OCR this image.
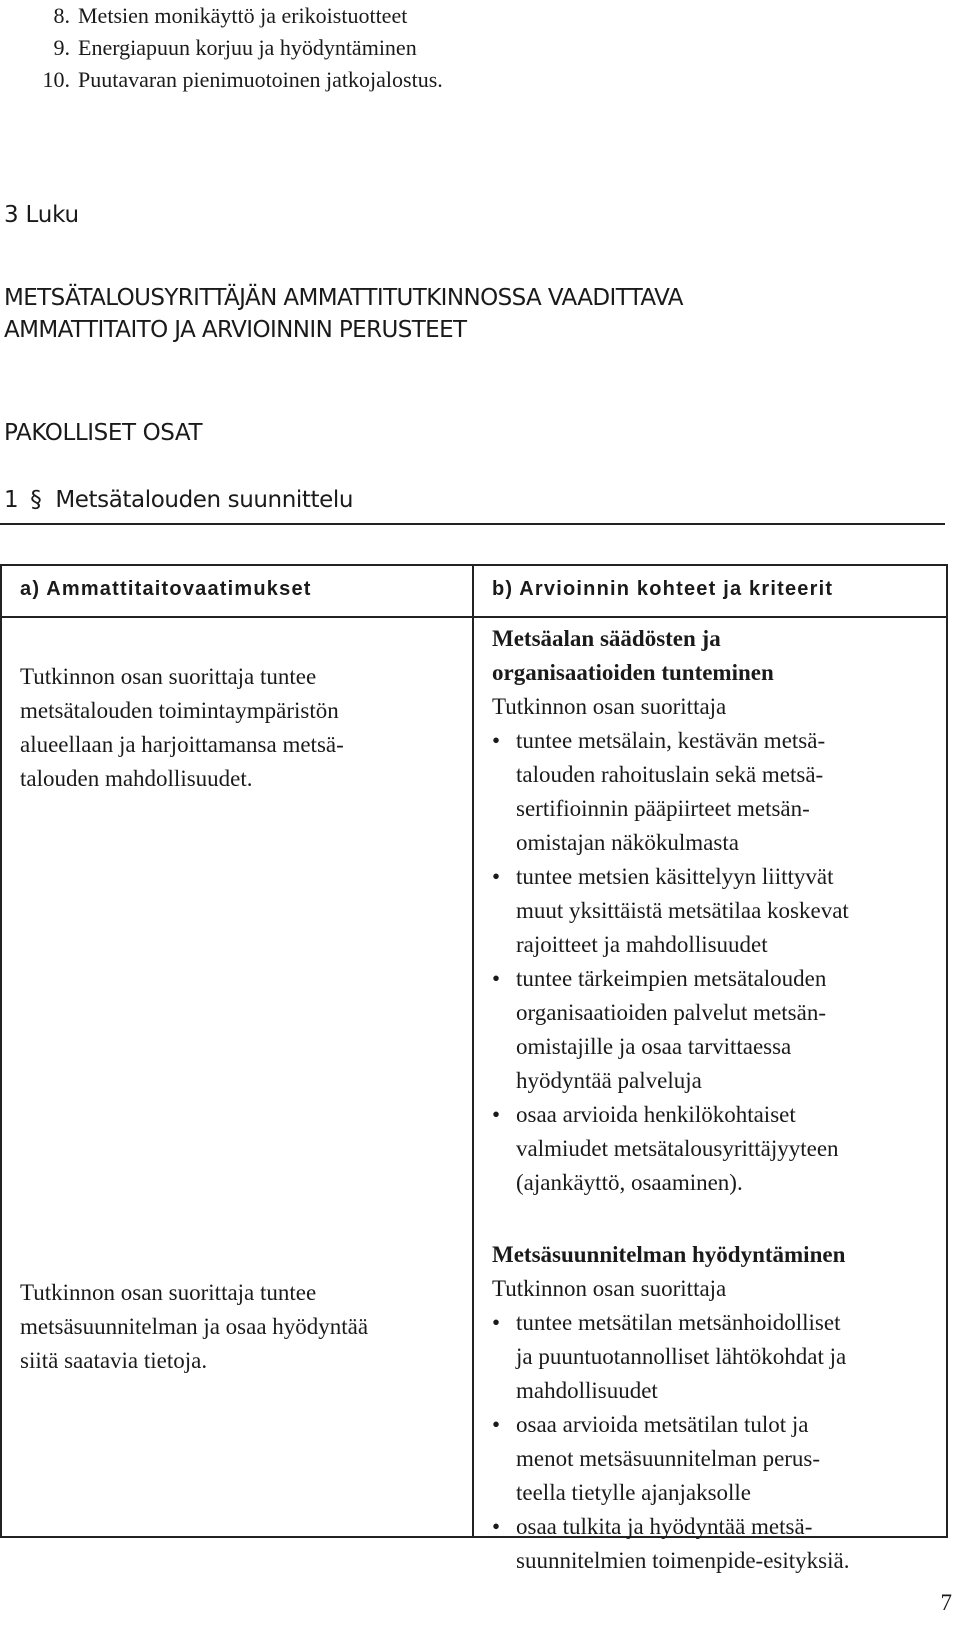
8. Metsien monikäyttö ja erikoistuotteet
9. Energiapuun korjuu ja hyödyntäminen
10. Puutavaran pienimuotoinen jatkojalostus.
3 Luku
METSÄTALOUSYRITTÄJÄN AMMATTITUTKINNOSSA VAADITTAVA
AMMATTITAITO JA ARVIOINNIN PERUSTEET
PAKOLLISET OSAT
1 § Metsätalouden suunnittelu
a) Ammattitaitovaatimukset	b) Arvioinnin kohteet ja kriteerit
Tutkinnon osan suorittaja tuntee
metsätalouden toimintaympäristön
alueellaan ja harjoittamansa metsä-
talouden mahdollisuudet.
Metsäalan säädösten ja
organisaatioiden tunteminen
Tutkinnon osan suorittaja
• tuntee metsälain, kestävän metsä-
talouden rahoituslain sekä metsä-
sertifioinnin pääpiirteet metsän-
omistajan näkökulmasta
• tuntee metsien käsittelyyn liittyvät
muut yksittäistä metsätilaa koskevat
rajoitteet ja mahdollisuudet
• tuntee tärkeimpien metsätalouden
organisaatioiden palvelut metsän-
omistajille ja osaa tarvittaessa
hyödyntää palveluja
• osaa arvioida henkilökohtaiset
valmiudet metsätalousyrittäjyyteen
(ajankäyttö, osaaminen).
Tutkinnon osan suorittaja tuntee
metsäsuunnitelman ja osaa hyödyntää
siitä saatavia tietoja.
Metsäsuunnitelman hyödyntäminen
Tutkinnon osan suorittaja
• tuntee metsätilan metsänhoidolliset
ja puuntuotannolliset lähtökohdat ja
mahdollisuudet
• osaa arvioida metsätilan tulot ja
menot metsäsuunnitelman perus-
teella tietylle ajanjaksolle
• osaa tulkita ja hyödyntää metsä-
suunnitelmien toimenpide-esityksiä.
7
